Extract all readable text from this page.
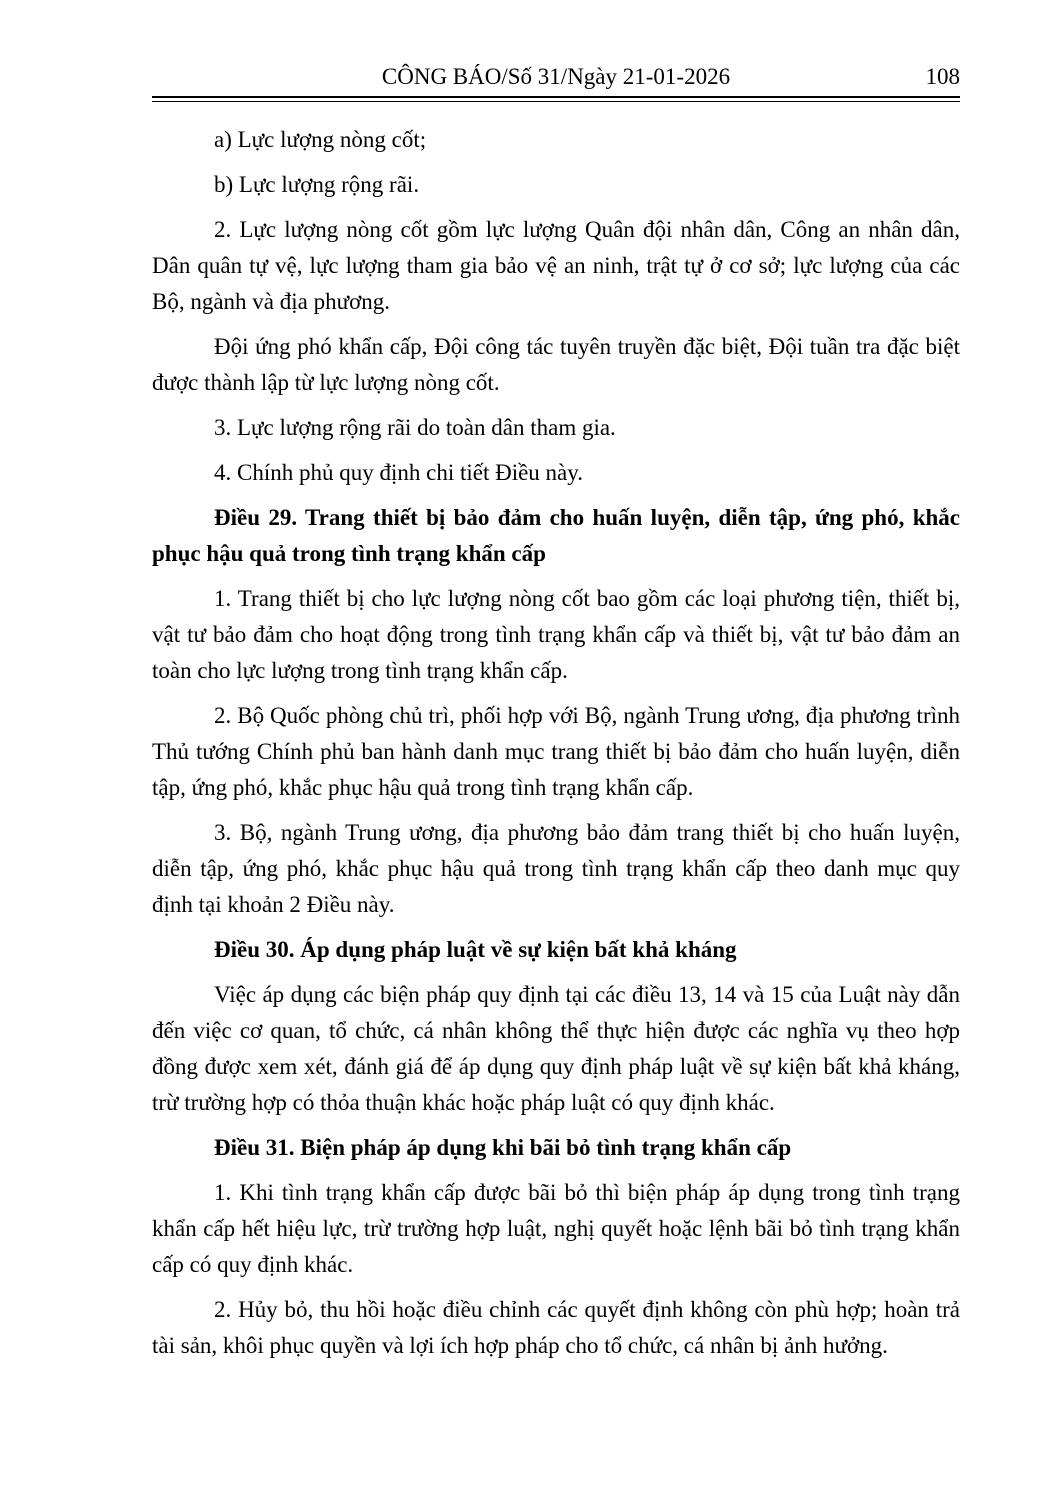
CÔNG BÁO/Số 31/Ngày 21-01-2026	108

a) Lực lượng nòng cốt;

b) Lực lượng rộng rãi.

2. Lực lượng nòng cốt gồm lực lượng Quân đội nhân dân, Công an nhân dân, Dân quân tự vệ, lực lượng tham gia bảo vệ an ninh, trật tự ở cơ sở; lực lượng của các Bộ, ngành và địa phương.

Đội ứng phó khẩn cấp, Đội công tác tuyên truyền đặc biệt, Đội tuần tra đặc biệt được thành lập từ lực lượng nòng cốt.

3. Lực lượng rộng rãi do toàn dân tham gia.

4. Chính phủ quy định chi tiết Điều này.

Điều 29. Trang thiết bị bảo đảm cho huấn luyện, diễn tập, ứng phó, khắc phục hậu quả trong tình trạng khẩn cấp

1. Trang thiết bị cho lực lượng nòng cốt bao gồm các loại phương tiện, thiết bị, vật tư bảo đảm cho hoạt động trong tình trạng khẩn cấp và thiết bị, vật tư bảo đảm an toàn cho lực lượng trong tình trạng khẩn cấp.

2. Bộ Quốc phòng chủ trì, phối hợp với Bộ, ngành Trung ương, địa phương trình Thủ tướng Chính phủ ban hành danh mục trang thiết bị bảo đảm cho huấn luyện, diễn tập, ứng phó, khắc phục hậu quả trong tình trạng khẩn cấp.

3. Bộ, ngành Trung ương, địa phương bảo đảm trang thiết bị cho huấn luyện, diễn tập, ứng phó, khắc phục hậu quả trong tình trạng khẩn cấp theo danh mục quy định tại khoản 2 Điều này.

Điều 30. Áp dụng pháp luật về sự kiện bất khả kháng

Việc áp dụng các biện pháp quy định tại các điều 13, 14 và 15 của Luật này dẫn đến việc cơ quan, tổ chức, cá nhân không thể thực hiện được các nghĩa vụ theo hợp đồng được xem xét, đánh giá để áp dụng quy định pháp luật về sự kiện bất khả kháng, trừ trường hợp có thỏa thuận khác hoặc pháp luật có quy định khác.

Điều 31. Biện pháp áp dụng khi bãi bỏ tình trạng khẩn cấp

1. Khi tình trạng khẩn cấp được bãi bỏ thì biện pháp áp dụng trong tình trạng khẩn cấp hết hiệu lực, trừ trường hợp luật, nghị quyết hoặc lệnh bãi bỏ tình trạng khẩn cấp có quy định khác.

2. Hủy bỏ, thu hồi hoặc điều chỉnh các quyết định không còn phù hợp; hoàn trả tài sản, khôi phục quyền và lợi ích hợp pháp cho tổ chức, cá nhân bị ảnh hưởng.
